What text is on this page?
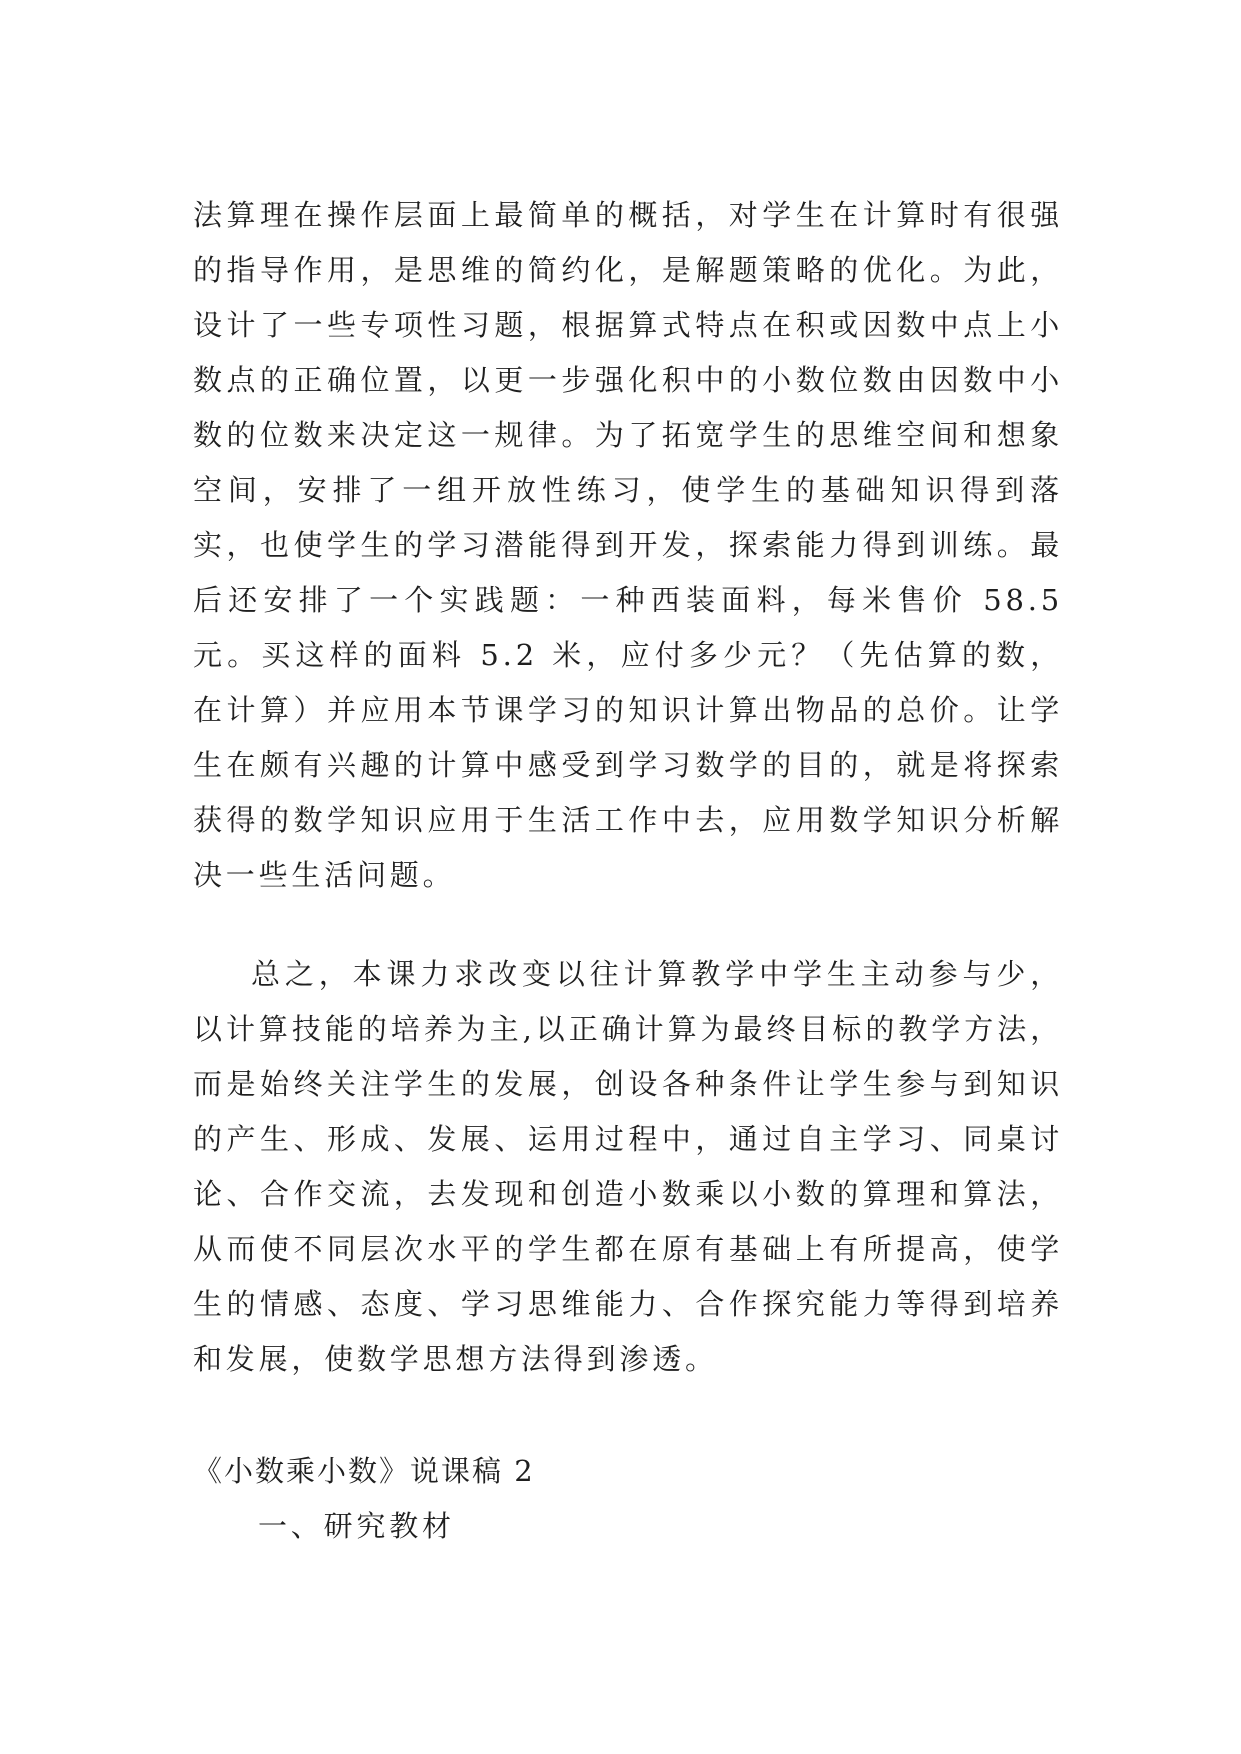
法算理在操作层面上最简单的概括，对学生在计算时有很强的指导作用，是思维的简约化，是解题策略的优化。为此，设计了一些专项性习题，根据算式特点在积或因数中点上小数点的正确位置，以更一步强化积中的小数位数由因数中小数的位数来决定这一规律。为了拓宽学生的思维空间和想象空间，安排了一组开放性练习，使学生的基础知识得到落实，也使学生的学习潜能得到开发，探索能力得到训练。最后还安排了一个实践题：一种西装面料，每米售价 58.5 元。买这样的面料 5.2 米，应付多少元？（先估算的数，在计算）并应用本节课学习的知识计算出物品的总价。让学生在颇有兴趣的计算中感受到学习数学的目的，就是将探索获得的数学知识应用于生活工作中去，应用数学知识分析解决一些生活问题。

总之，本课力求改变以往计算教学中学生主动参与少，以计算技能的培养为主,以正确计算为最终目标的教学方法，而是始终关注学生的发展，创设各种条件让学生参与到知识的产生、形成、发展、运用过程中，通过自主学习、同桌讨论、合作交流，去发现和创造小数乘以小数的算理和算法，从而使不同层次水平的学生都在原有基础上有所提高，使学生的情感、态度、学习思维能力、合作探究能力等得到培养和发展，使数学思想方法得到渗透。

《小数乘小数》说课稿 2
一、研究教材
